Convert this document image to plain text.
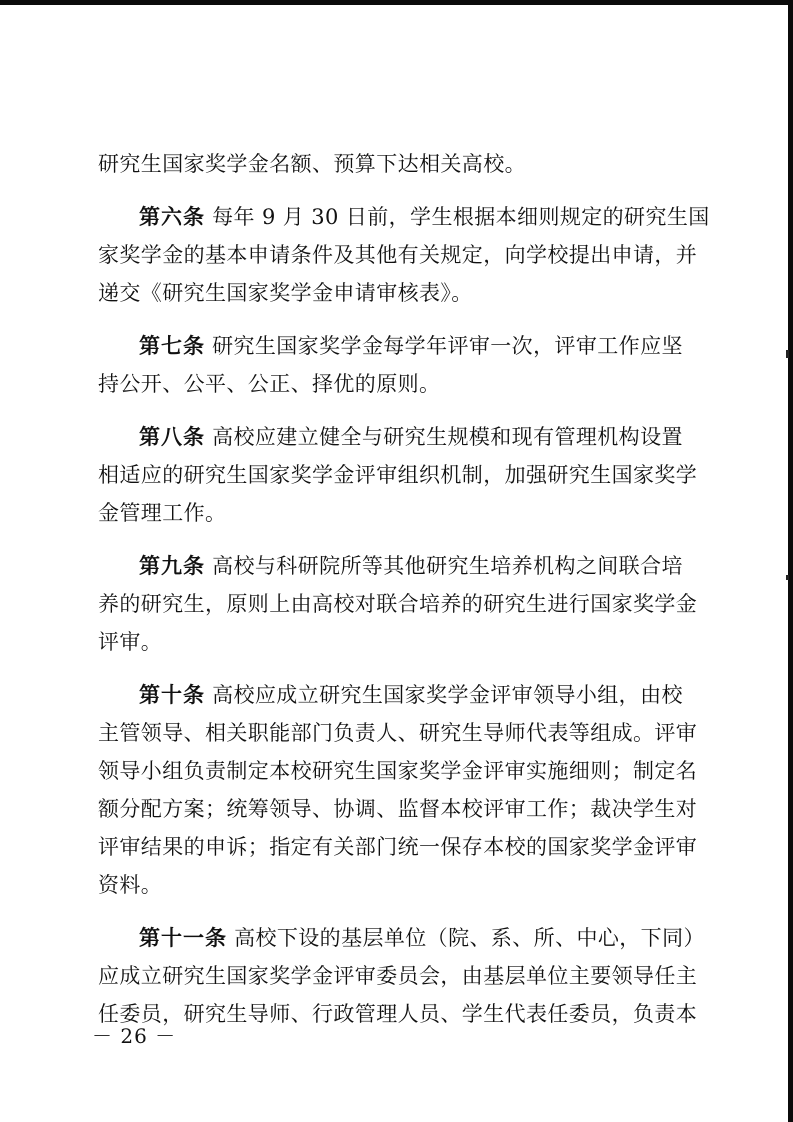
研究生国家奖学金名额、预算下达相关高校。
第六条 每年 9 月 30 日前，学生根据本细则规定的研究生国
家奖学金的基本申请条件及其他有关规定，向学校提出申请，并
递交《研究生国家奖学金申请审核表》。
第七条 研究生国家奖学金每学年评审一次，评审工作应坚
持公开、公平、公正、择优的原则。
第八条 高校应建立健全与研究生规模和现有管理机构设置
相适应的研究生国家奖学金评审组织机制，加强研究生国家奖学
金管理工作。
第九条 高校与科研院所等其他研究生培养机构之间联合培
养的研究生，原则上由高校对联合培养的研究生进行国家奖学金
评审。
第十条 高校应成立研究生国家奖学金评审领导小组，由校
主管领导、相关职能部门负责人、研究生导师代表等组成。评审
领导小组负责制定本校研究生国家奖学金评审实施细则；制定名
额分配方案；统筹领导、协调、监督本校评审工作；裁决学生对
评审结果的申诉；指定有关部门统一保存本校的国家奖学金评审
资料。
第十一条 高校下设的基层单位（院、系、所、中心，下同）
应成立研究生国家奖学金评审委员会，由基层单位主要领导任主
任委员，研究生导师、行政管理人员、学生代表任委员，负责本
－ 26 －
